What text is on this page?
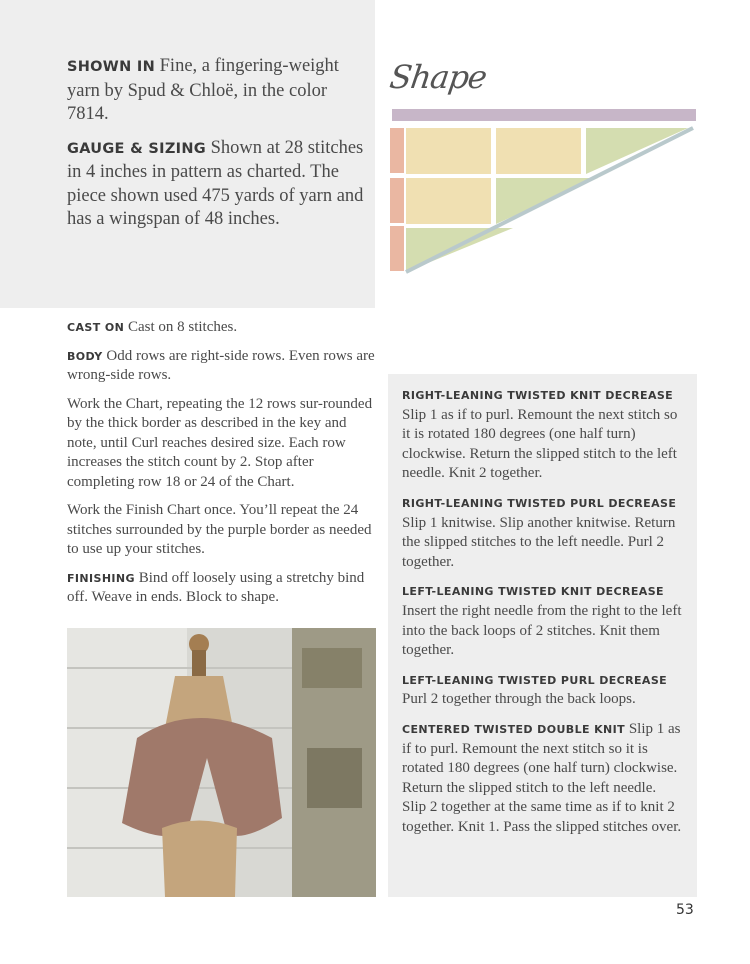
SHOWN IN Fine, a fingering-weight yarn by Spud & Chloë, in the color 7814.

GAUGE & SIZING Shown at 28 stitches in 4 inches in pattern as charted. The piece shown used 475 yards of yarn and has a wingspan of 48 inches.

Shape

CAST ON Cast on 8 stitches.

BODY Odd rows are right-side rows. Even rows are wrong-side rows.

Work the Chart, repeating the 12 rows sur-rounded by the thick border as described in the key and note, until Curl reaches desired size. Each row increases the stitch count by 2. Stop after completing row 18 or 24 of the Chart.

Work the Finish Chart once. You’ll repeat the 24 stitches surrounded by the purple border as needed to use up your stitches.

FINISHING Bind off loosely using a stretchy bind off. Weave in ends. Block to shape.

RIGHT-LEANING TWISTED KNIT DECREASE Slip 1 as if to purl. Remount the next stitch so it is rotated 180 degrees (one half turn) clockwise. Return the slipped stitch to the left needle. Knit 2 together.

RIGHT-LEANING TWISTED PURL DECREASE Slip 1 knitwise. Slip another knitwise. Return the slipped stitches to the left needle. Purl 2 together.

LEFT-LEANING TWISTED KNIT DECREASE Insert the right needle from the right to the left into the back loops of 2 stitches. Knit them together.

LEFT-LEANING TWISTED PURL DECREASE Purl 2 together through the back loops.

CENTERED TWISTED DOUBLE KNIT Slip 1 as if to purl. Remount the next stitch so it is rotated 180 degrees (one half turn) clockwise. Return the slipped stitch to the left needle. Slip 2 together at the same time as if to knit 2 together. Knit 1. Pass the slipped stitches over.

53
